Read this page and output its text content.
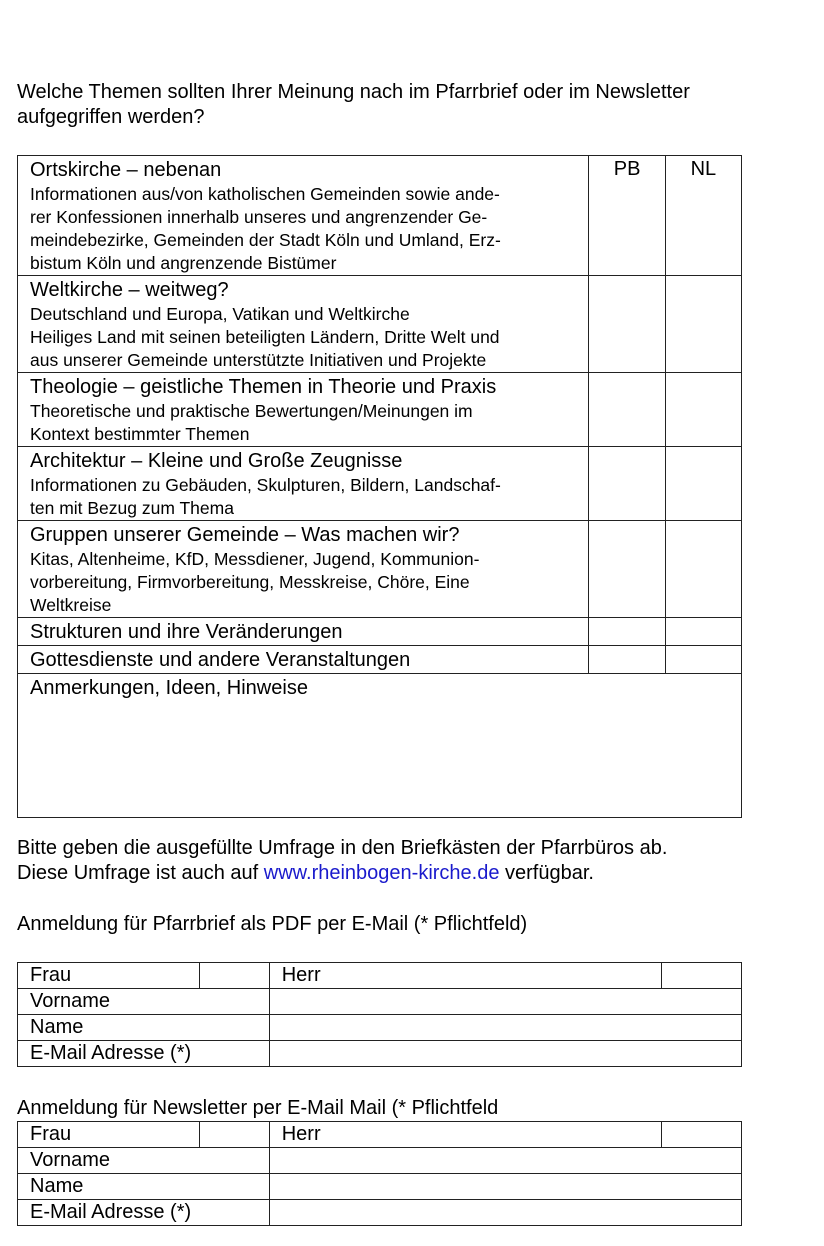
Welche Themen sollten Ihrer Meinung nach im Pfarrbrief oder im Newsletter aufgegriffen werden?

Ortskirche – nebenan
Informationen aus/von katholischen Gemeinden sowie ande-
rer Konfessionen innerhalb unseres und angrenzender Ge-
meindebezirke, Gemeinden der Stadt Köln und Umland, Erz-
bistum Köln und angrenzende Bistümer	PB	NL

Weltkirche – weitweg?
Deutschland und Europa, Vatikan und Weltkirche
Heiliges Land mit seinen beteiligten Ländern, Dritte Welt und
aus unserer Gemeinde unterstützte Initiativen und Projekte		

Theologie – geistliche Themen in Theorie und Praxis
Theoretische und praktische Bewertungen/Meinungen im
Kontext bestimmter Themen		

Architektur – Kleine und Große Zeugnisse
Informationen zu Gebäuden, Skulpturen, Bildern, Landschaf-
ten mit Bezug zum Thema		

Gruppen unserer Gemeinde – Was machen wir?
Kitas, Altenheime, KfD, Messdiener, Jugend, Kommunion-
vorbereitung, Firmvorbereitung, Messkreise, Chöre, Eine
Weltkreise		

Strukturen und ihre Veränderungen		

Gottesdienste und andere Veranstaltungen		

Anmerkungen, Ideen, Hinweise		

Bitte geben die ausgefüllte Umfrage in den Briefkästen der Pfarrbüros ab.

Diese Umfrage ist auch auf www.rheinbogen-kirche.de verfügbar.

Anmeldung für Pfarrbrief als PDF per E-Mail (* Pflichtfeld)

Frau		Herr	
Vorname			
Name			
E-Mail Adresse (*)			

Anmeldung für Newsletter per E-Mail Mail (* Pflichtfeld

Frau		Herr	
Vorname			
Name			
E-Mail Adresse (*)			
